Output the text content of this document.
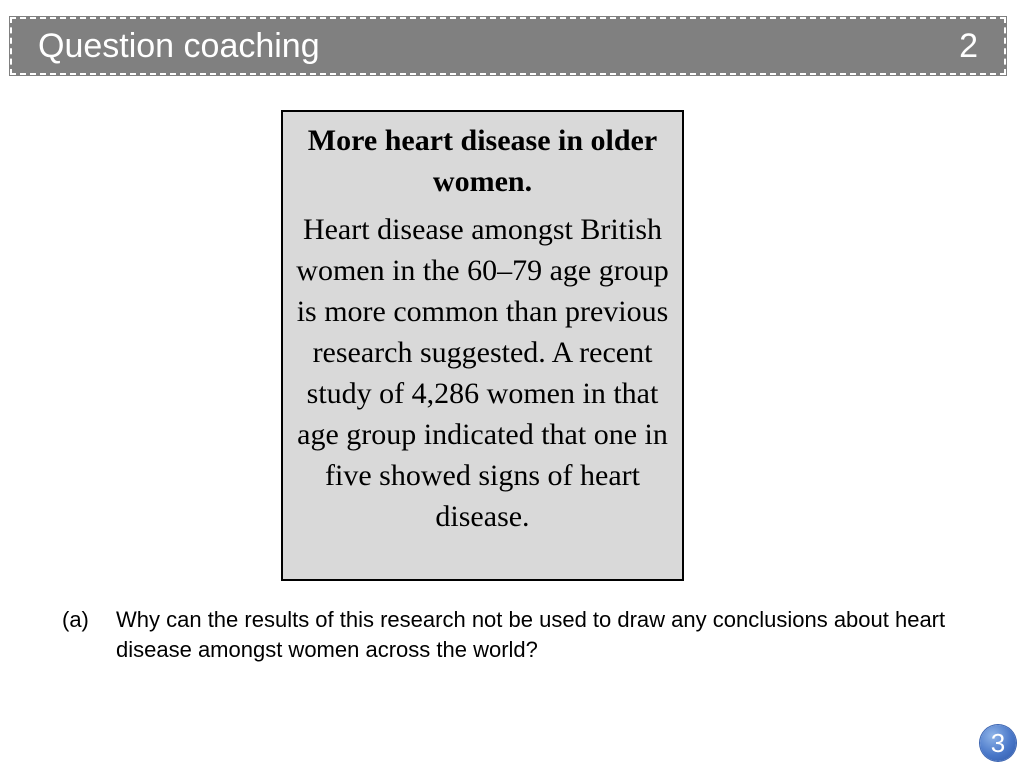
Question coaching	2

More heart disease in older women.

Heart disease amongst British women in the 60–79 age group is more common than previous research suggested. A recent study of 4,286 women in that age group indicated that one in five showed signs of heart disease.

(a) Why can the results of this research not be used to draw any conclusions about heart disease amongst women across the world?
3
